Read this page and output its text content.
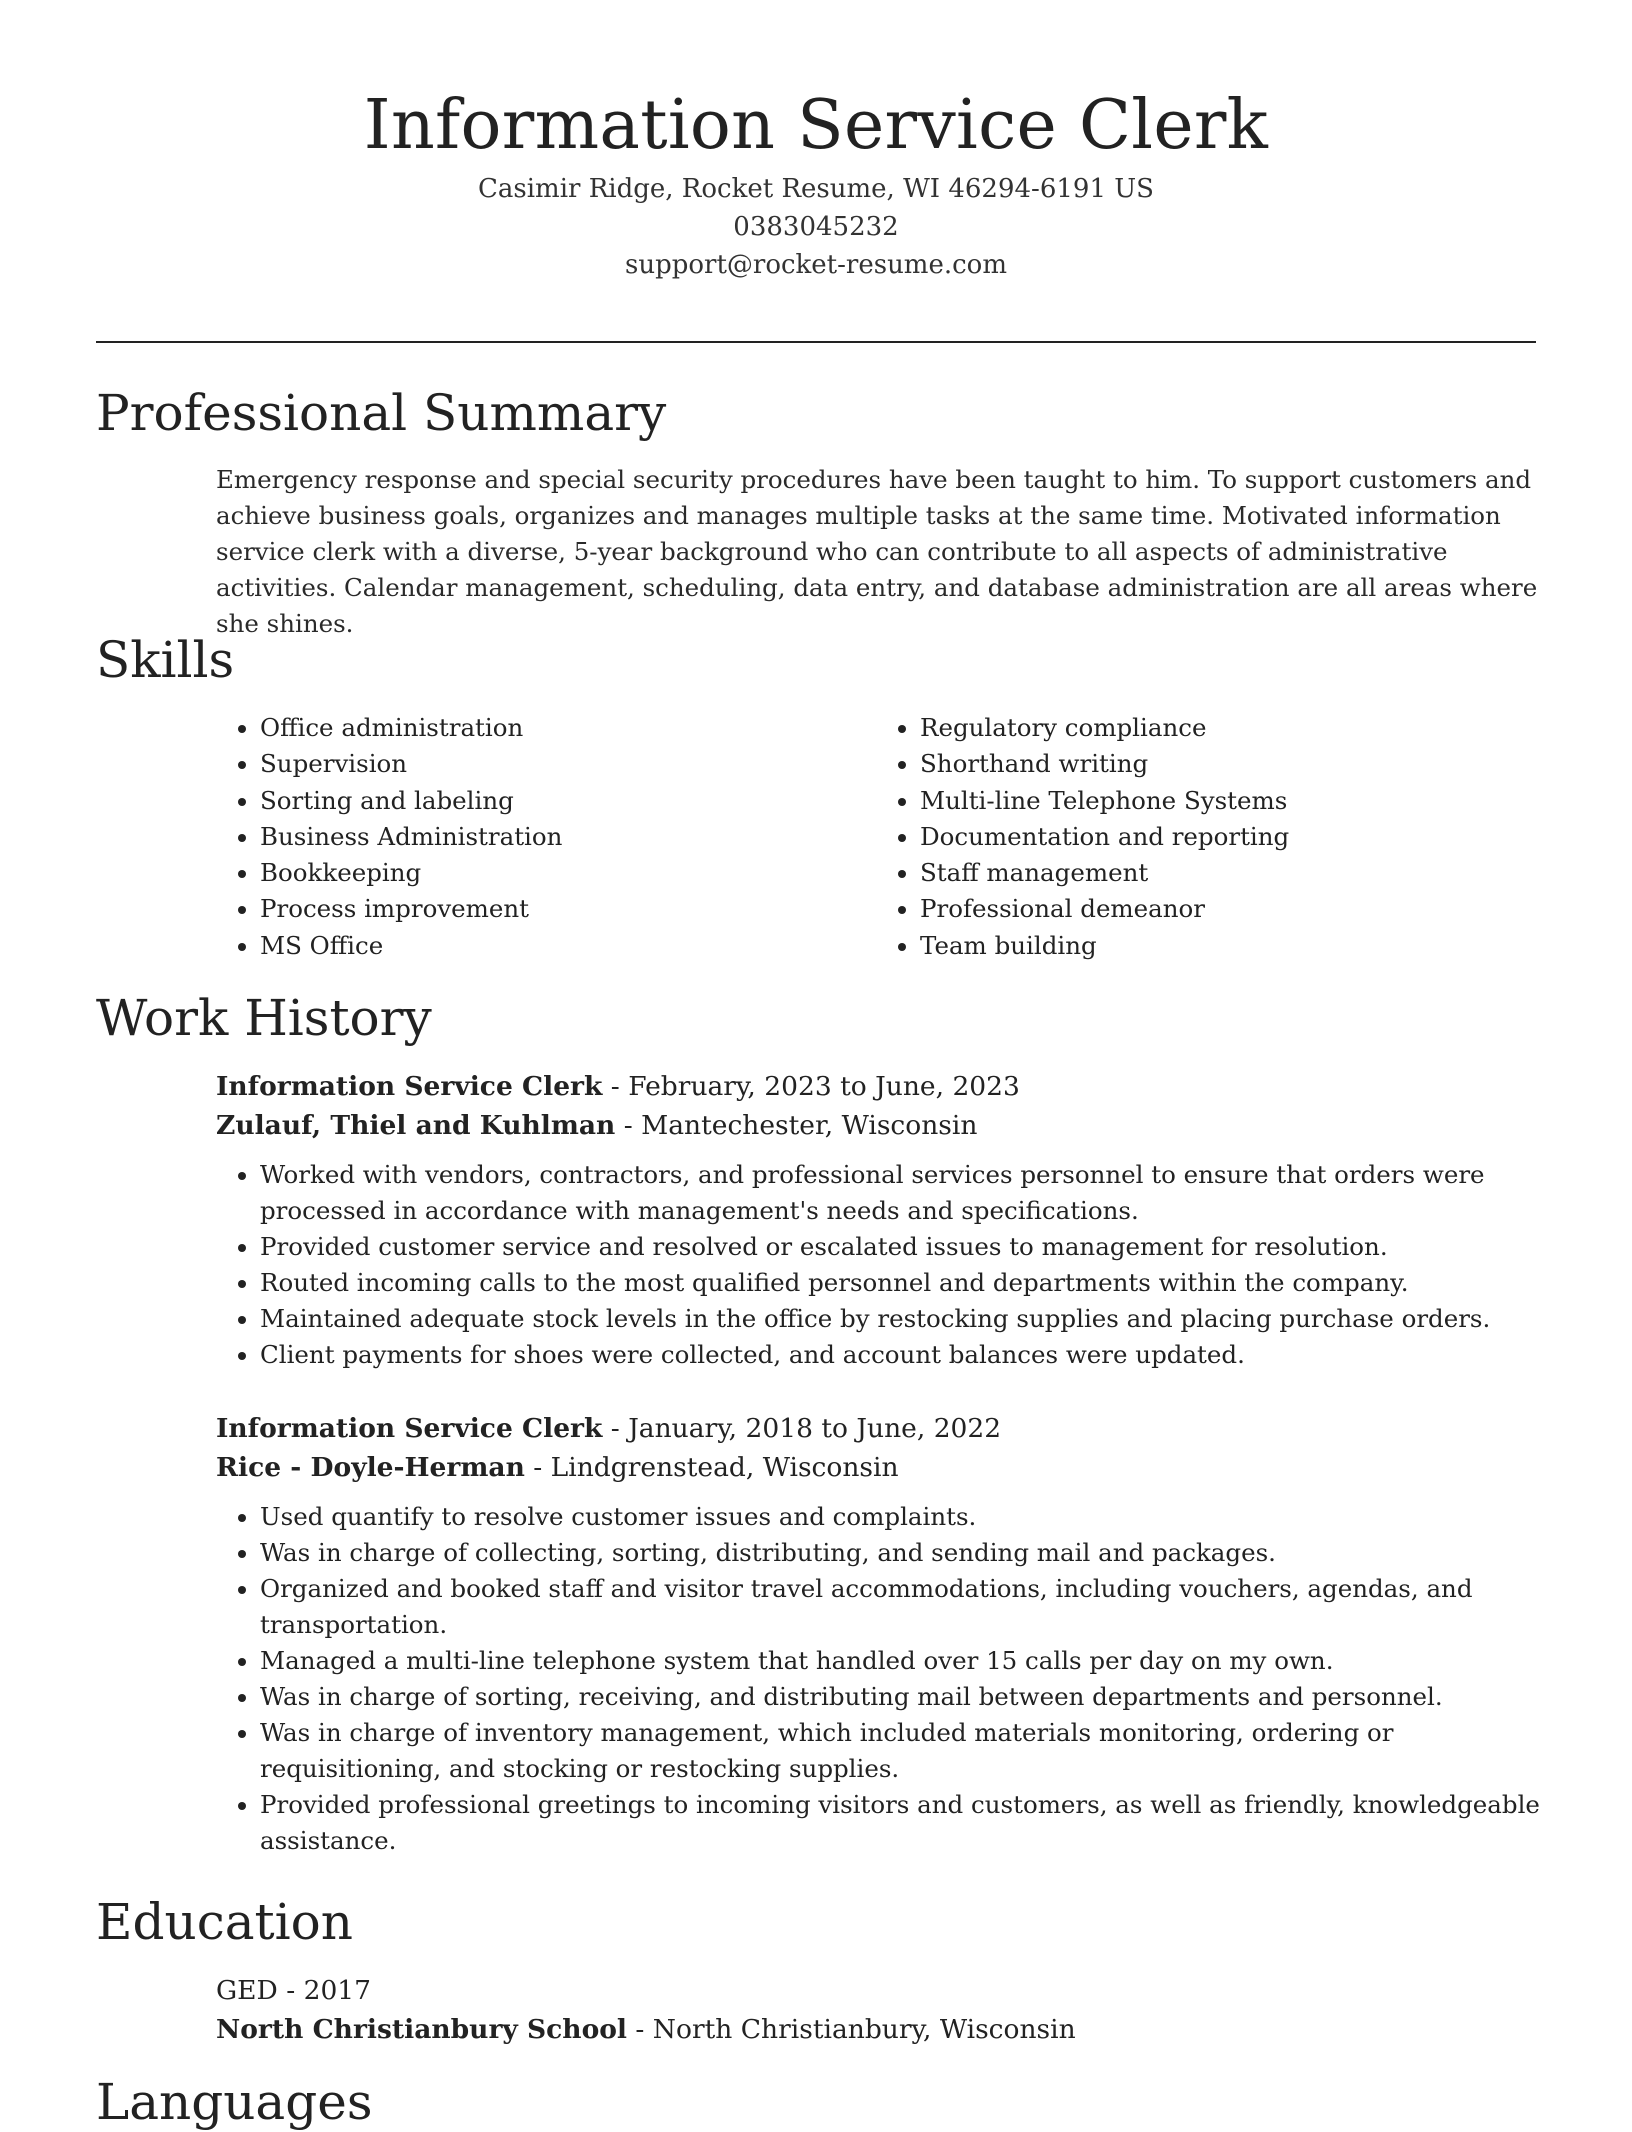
Information Service Clerk
Casimir Ridge, Rocket Resume, WI 46294-6191 US
0383045232
support@rocket-resume.com
Professional Summary

Emergency response and special security procedures have been taught to him. To support customers and achieve business goals, organizes and manages multiple tasks at the same time. Motivated information service clerk with a diverse, 5-year background who can contribute to all aspects of administrative activities. Calendar management, scheduling, data entry, and database administration are all areas where she shines.

Skills
• Office administration
• Supervision
• Sorting and labeling
• Business Administration
• Bookkeeping
• Process improvement
• MS Office
• Regulatory compliance
• Shorthand writing
• Multi-line Telephone Systems
• Documentation and reporting
• Staff management
• Professional demeanor
• Team building
Work History
Information Service Clerk - February, 2023 to June, 2023
Zulauf, Thiel and Kuhlman - Mantechester, Wisconsin
• Worked with vendors, contractors, and professional services personnel to ensure that orders were processed in accordance with management's needs and specifications.
• Provided customer service and resolved or escalated issues to management for resolution.
• Routed incoming calls to the most qualified personnel and departments within the company.
• Maintained adequate stock levels in the office by restocking supplies and placing purchase orders.
• Client payments for shoes were collected, and account balances were updated.
Information Service Clerk - January, 2018 to June, 2022
Rice - Doyle-Herman - Lindgrenstead, Wisconsin
• Used quantify to resolve customer issues and complaints.
• Was in charge of collecting, sorting, distributing, and sending mail and packages.
• Organized and booked staff and visitor travel accommodations, including vouchers, agendas, and transportation.
• Managed a multi-line telephone system that handled over 15 calls per day on my own.
• Was in charge of sorting, receiving, and distributing mail between departments and personnel.
• Was in charge of inventory management, which included materials monitoring, ordering or requisitioning, and stocking or restocking supplies.
• Provided professional greetings to incoming visitors and customers, as well as friendly, knowledgeable assistance.
Education
GED - 2017
North Christianbury School - North Christianbury, Wisconsin
Languages
